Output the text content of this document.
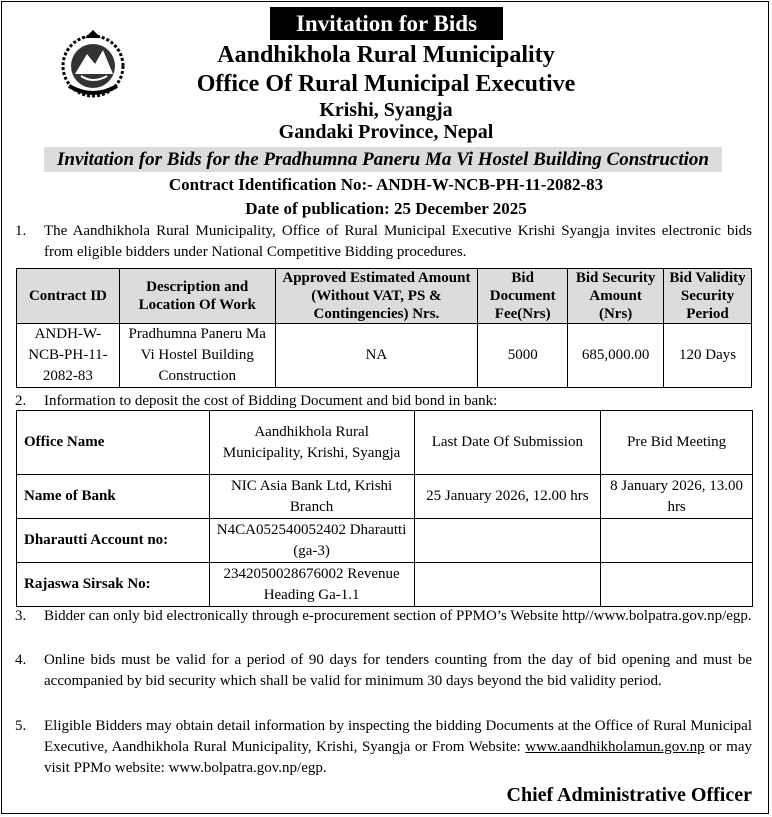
Invitation for Bids
Aandhikhola Rural Municipality
Office Of Rural Municipal Executive
Krishi, Syangja
Gandaki Province, Nepal
Invitation for Bids for the Pradhumna Paneru Ma Vi Hostel Building Construction
Contract Identification No:- ANDH-W-NCB-PH-11-2082-83
Date of publication: 25 December 2025
1. The Aandhikhola Rural Municipality, Office of Rural Municipal Executive Krishi Syangja invites electronic bids from eligible bidders under National Competitive Bidding procedures.
Contract ID	Description and Location Of Work	Approved Estimated Amount (Without VAT, PS & Contingencies) Nrs.	Bid Document Fee(Nrs)	Bid Security Amount (Nrs)	Bid Validity Security Period
ANDH-W-NCB-PH-11-2082-83	Pradhumna Paneru Ma Vi Hostel Building Construction	NA	5000	685,000.00	120 Days
2. Information to deposit the cost of Bidding Document and bid bond in bank:
Office Name	Aandhikhola Rural Municipality, Krishi, Syangja	Last Date Of Submission	Pre Bid Meeting
Name of Bank	NIC Asia Bank Ltd, Krishi Branch	25 January 2026, 12.00 hrs	8 January 2026, 13.00 hrs
Dharautti Account no:	N4CA052540052402 Dharautti (ga-3)		
Rajaswa Sirsak No:	2342050028676002 Revenue Heading Ga-1.1		
3. Bidder can only bid electronically through e-procurement section of PPMO’s Website http//www.bolpatra.gov.np/egp.
4. Online bids must be valid for a period of 90 days for tenders counting from the day of bid opening and must be accompanied by bid security which shall be valid for minimum 30 days beyond the bid validity period.
5. Eligible Bidders may obtain detail information by inspecting the bidding Documents at the Office of Rural Municipal Executive, Aandhikhola Rural Municipality, Krishi, Syangja or From Website: www.aandhikholamun.gov.np or may visit PPMo website: www.bolpatra.gov.np/egp.
Chief Administrative Officer
